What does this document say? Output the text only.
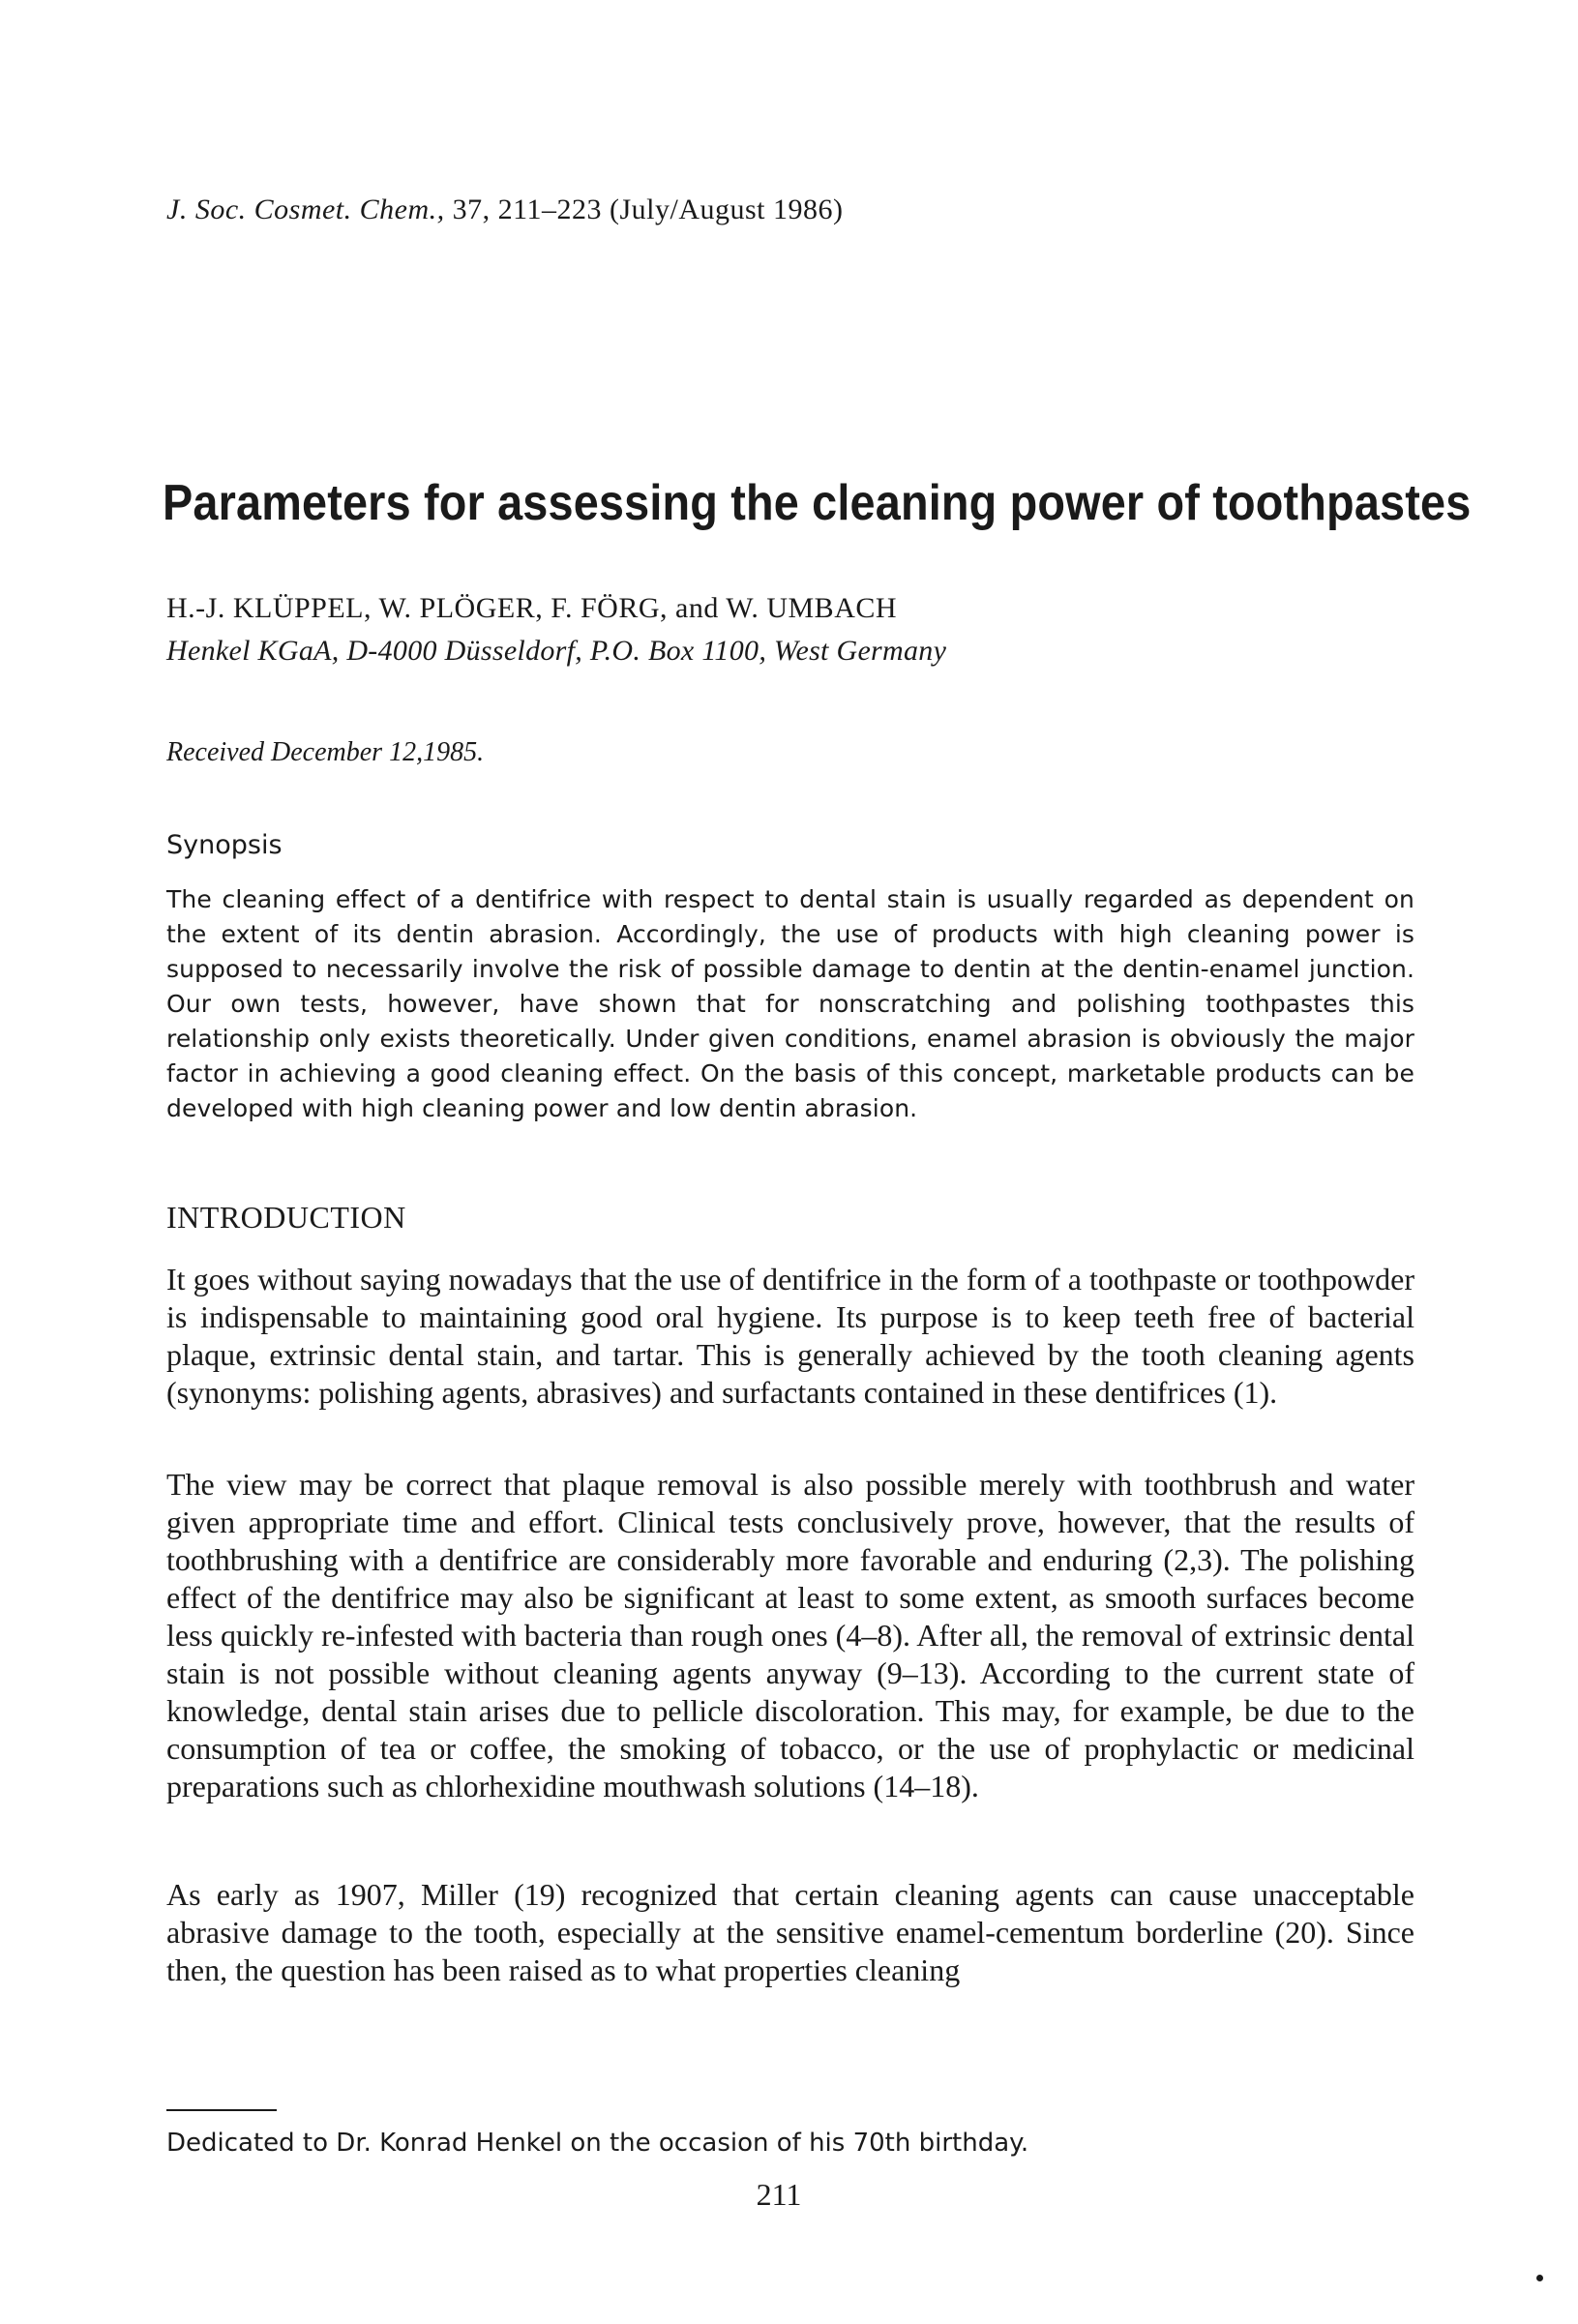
J. Soc. Cosmet. Chem., 37, 211–223 (July/August 1986)
Parameters for assessing the cleaning power of toothpastes
H.-J. KLÜPPEL, W. PLÖGER, F. FÖRG, and W. UMBACH
Henkel KGaA, D-4000 Düsseldorf, P.O. Box 1100, West Germany
Received December 12,1985.
Synopsis
The cleaning effect of a dentifrice with respect to dental stain is usually regarded as dependent on the extent of its dentin abrasion. Accordingly, the use of products with high cleaning power is supposed to necessarily involve the risk of possible damage to dentin at the dentin-enamel junction. Our own tests, however, have shown that for nonscratching and polishing toothpastes this relationship only exists theoretically. Under given conditions, enamel abrasion is obviously the major factor in achieving a good cleaning effect. On the basis of this concept, marketable products can be developed with high cleaning power and low dentin abrasion.
INTRODUCTION

It goes without saying nowadays that the use of dentifrice in the form of a toothpaste or toothpowder is indispensable to maintaining good oral hygiene. Its purpose is to keep teeth free of bacterial plaque, extrinsic dental stain, and tartar. This is generally achieved by the tooth cleaning agents (synonyms: polishing agents, abrasives) and surfactants contained in these dentifrices (1).

The view may be correct that plaque removal is also possible merely with toothbrush and water given appropriate time and effort. Clinical tests conclusively prove, however, that the results of toothbrushing with a dentifrice are considerably more favorable and enduring (2,3). The polishing effect of the dentifrice may also be significant at least to some extent, as smooth surfaces become less quickly re-infested with bacteria than rough ones (4–8). After all, the removal of extrinsic dental stain is not possible without cleaning agents anyway (9–13). According to the current state of knowledge, dental stain arises due to pellicle discoloration. This may, for example, be due to the consumption of tea or coffee, the smoking of tobacco, or the use of prophylactic or medicinal preparations such as chlorhexidine mouthwash solutions (14–18).

As early as 1907, Miller (19) recognized that certain cleaning agents can cause unacceptable abrasive damage to the tooth, especially at the sensitive enamel-cementum borderline (20). Since then, the question has been raised as to what properties cleaning

Dedicated to Dr. Konrad Henkel on the occasion of his 70th birthday.
211
